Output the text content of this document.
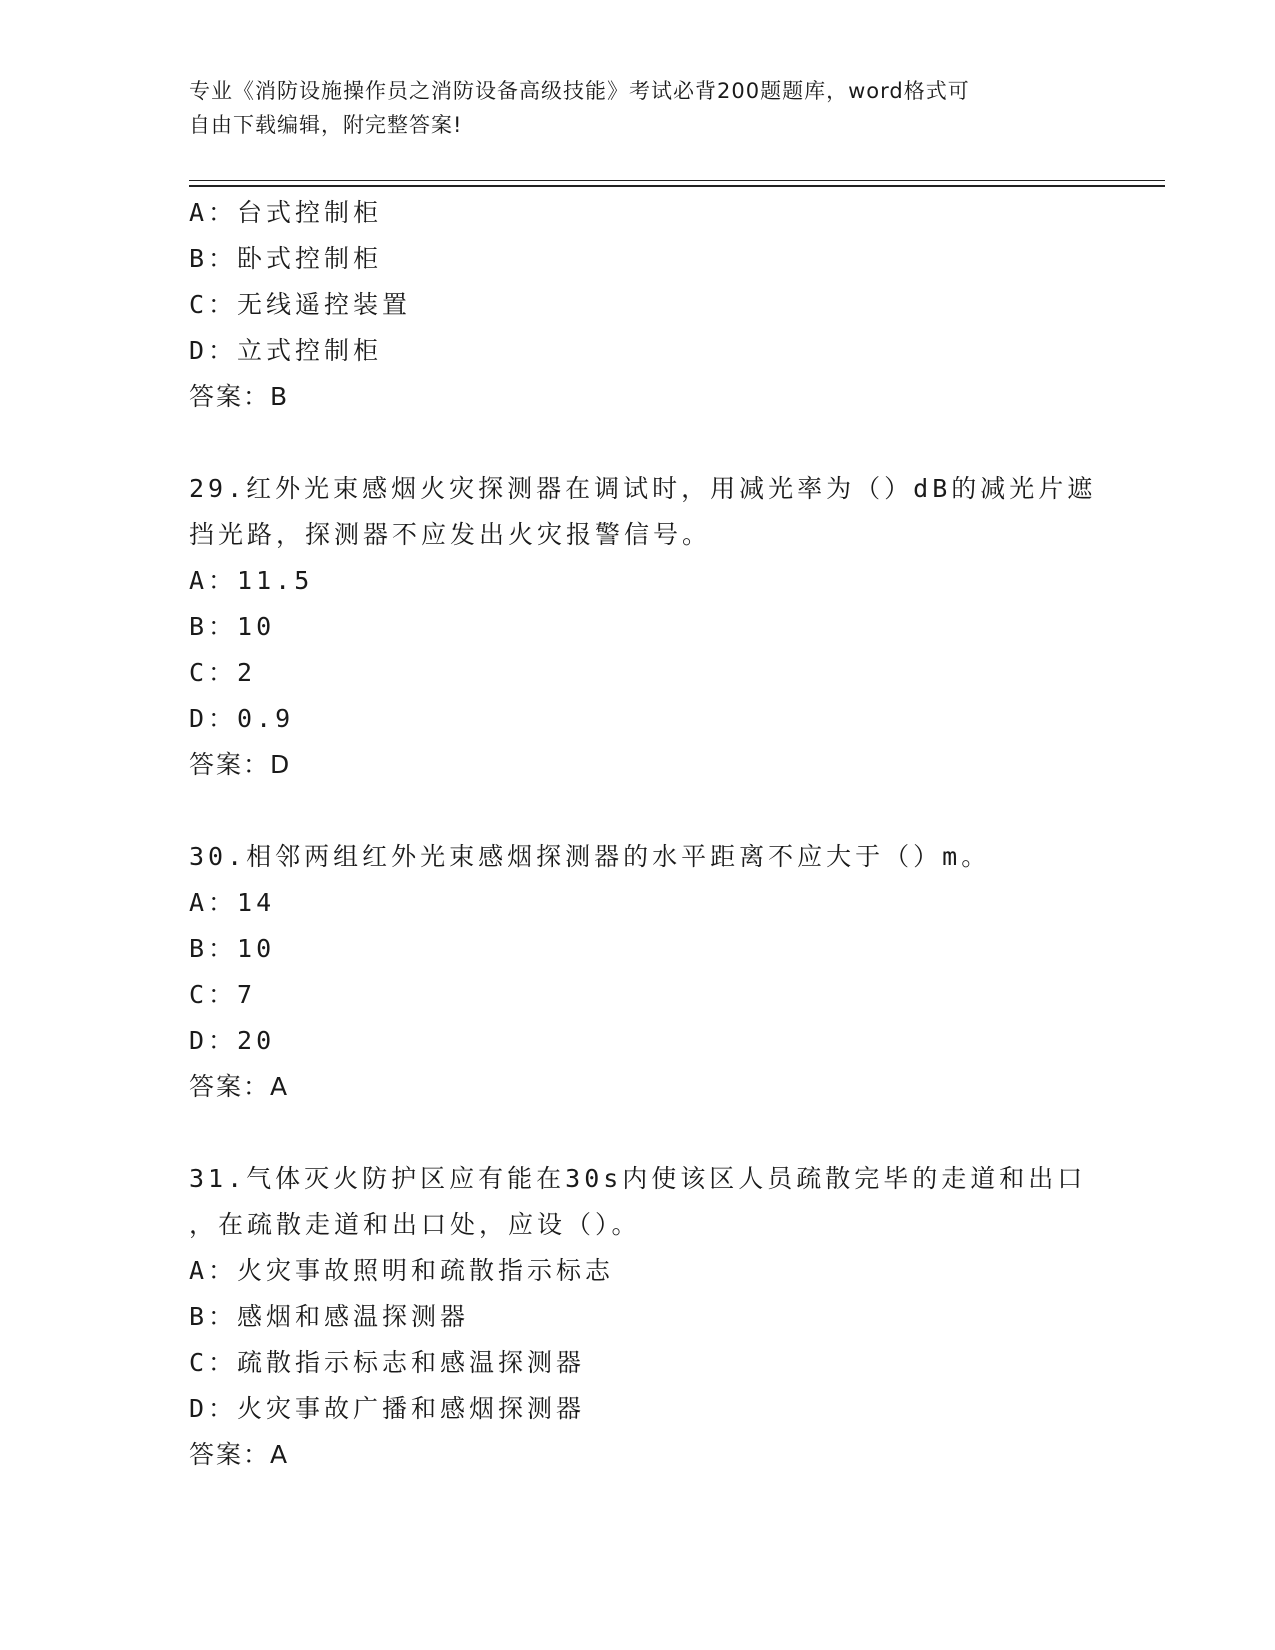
专业《消防设施操作员之消防设备高级技能》考试必背200题题库，word格式可
自由下载编辑，附完整答案!
A：台式控制柜
B：卧式控制柜
C：无线遥控装置
D：立式控制柜
答案：B
29.红外光束感烟火灾探测器在调试时，用减光率为（）dB的减光片遮
挡光路，探测器不应发出火灾报警信号。
A：11.5
B：10
C：2
D：0.9
答案：D
30.相邻两组红外光束感烟探测器的水平距离不应大于（）m。
A：14
B：10
C：7
D：20
答案：A
31.气体灭火防护区应有能在30s内使该区人员疏散完毕的走道和出口
，在疏散走道和出口处，应设（）。
A：火灾事故照明和疏散指示标志
B：感烟和感温探测器
C：疏散指示标志和感温探测器
D：火灾事故广播和感烟探测器
答案：A
